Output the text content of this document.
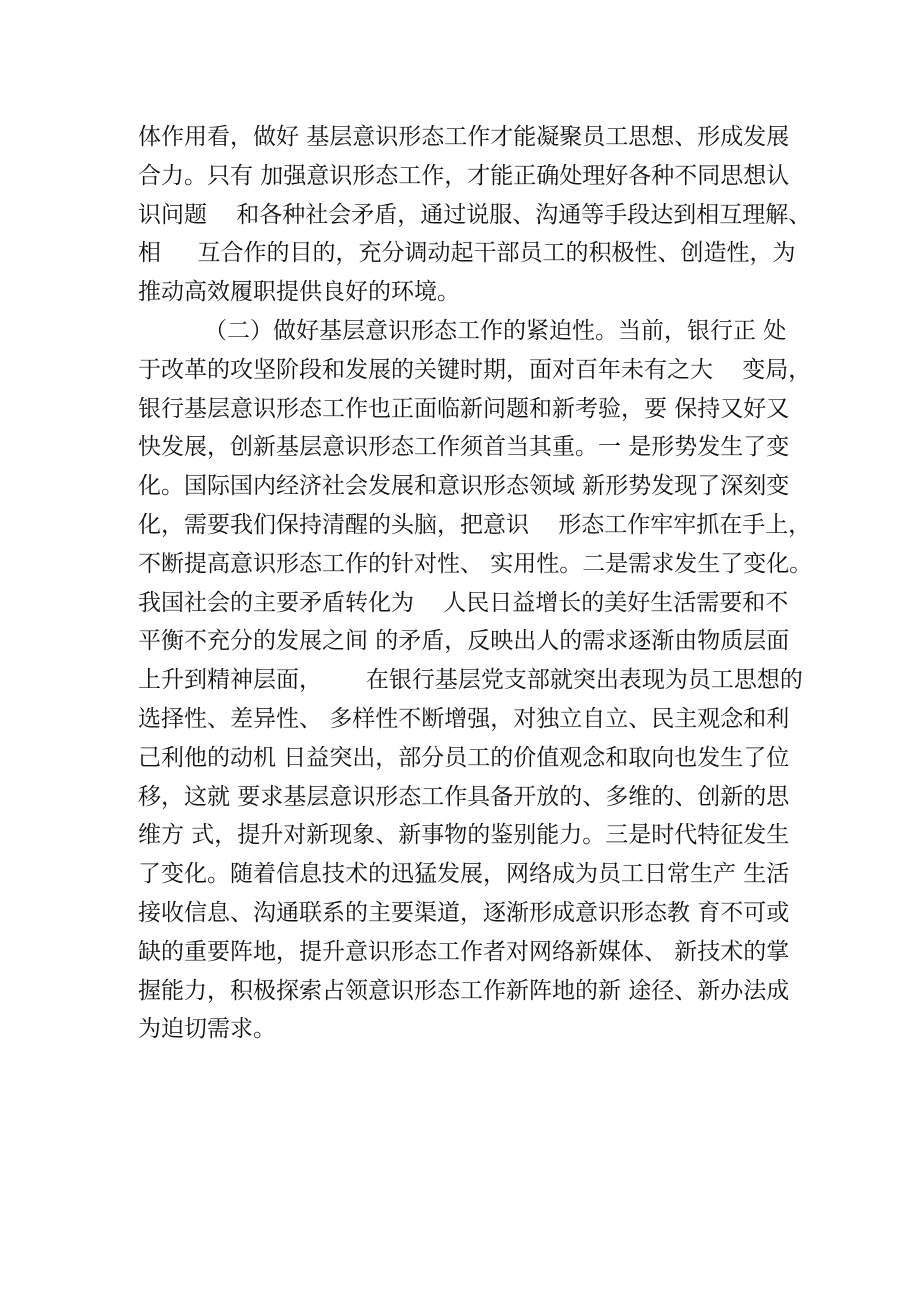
体作用看，做好 基层意识形态工作才能凝聚员工思想、形成发展
合力。只有 加强意识形态工作，才能正确处理好各种不同思想认
识问题    和各种社会矛盾，通过说服、沟通等手段达到相互理解、
相     互合作的目的，充分调动起干部员工的积极性、创造性，为
推动高效履职提供良好的环境。
（二）做好基层意识形态工作的紧迫性。当前，银行正 处
于改革的攻坚阶段和发展的关键时期，面对百年未有之大    变局，
银行基层意识形态工作也正面临新问题和新考验，要 保持又好又
快发展，创新基层意识形态工作须首当其重。一 是形势发生了变
化。国际国内经济社会发展和意识形态领域 新形势发现了深刻变
化，需要我们保持清醒的头脑，把意识    形态工作牢牢抓在手上，
不断提高意识形态工作的针对性、 实用性。二是需求发生了变化。
我国社会的主要矛盾转化为    人民日益增长的美好生活需要和不
平衡不充分的发展之间 的矛盾，反映出人的需求逐渐由物质层面
上升到精神层面，      在银行基层党支部就突出表现为员工思想的
选择性、差异性、 多样性不断增强，对独立自立、民主观念和利
己利他的动机 日益突出，部分员工的价值观念和取向也发生了位
移，这就 要求基层意识形态工作具备开放的、多维的、创新的思
维方 式，提升对新现象、新事物的鉴别能力。三是时代特征发生
了变化。随着信息技术的迅猛发展，网络成为员工日常生产 生活
接收信息、沟通联系的主要渠道，逐渐形成意识形态教 育不可或
缺的重要阵地，提升意识形态工作者对网络新媒体、 新技术的掌
握能力，积极探索占领意识形态工作新阵地的新 途径、新办法成
为迫切需求。
